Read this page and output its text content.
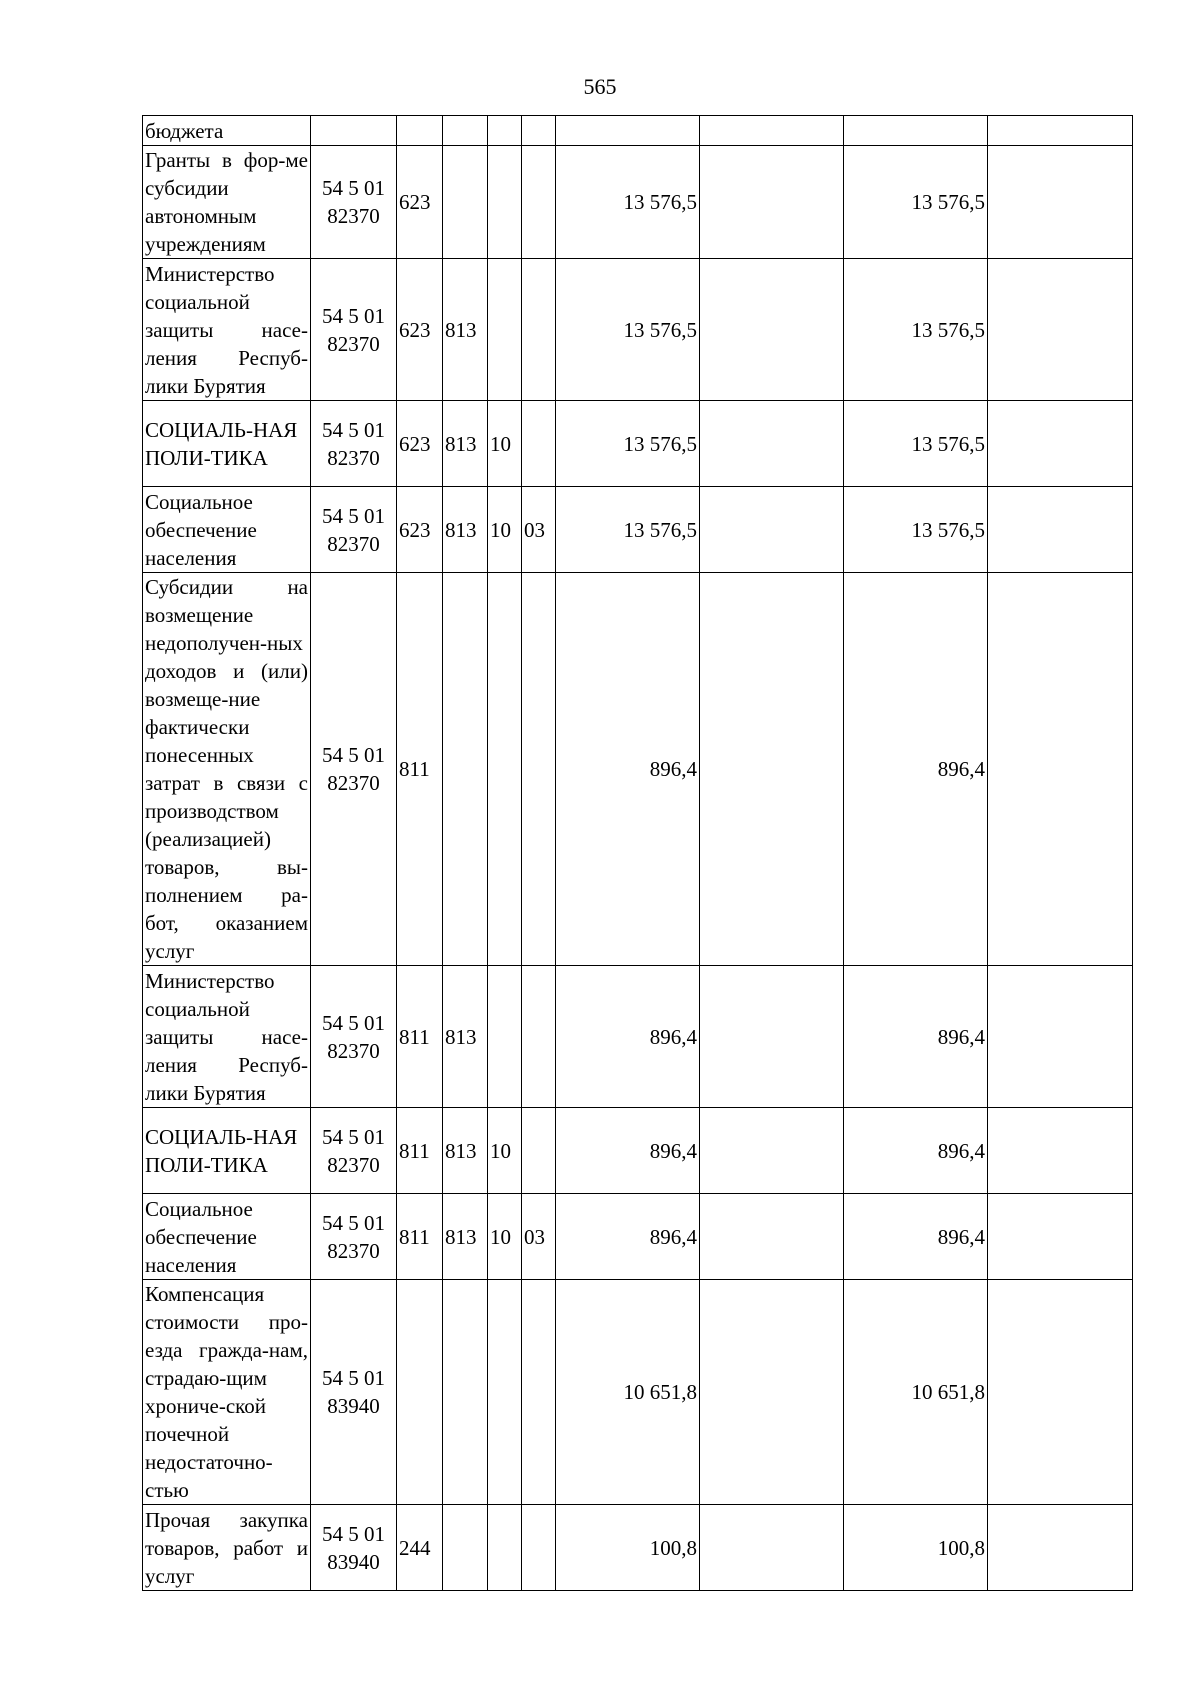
565
бюджета									
Гранты в фор-ме субсидии автономным учреждениям	54 5 01 82370	623				13 576,5		13 576,5	
Министерство социальной защиты насе-ления Респуб-лики Бурятия	54 5 01 82370	623	813			13 576,5		13 576,5	
СОЦИАЛЬ-НАЯ ПОЛИ-ТИКА	54 5 01 82370	623	813	10		13 576,5		13 576,5	
Социальное обеспечение населения	54 5 01 82370	623	813	10	03	13 576,5		13 576,5	
Субсидии на возмещение недополучен-ных доходов и (или) возмеще-ние фактически понесенных затрат в связи с производством (реализацией) товаров, вы-полнением ра-бот, оказанием услуг	54 5 01 82370	811				896,4		896,4	
Министерство социальной защиты насе-ления Респуб-лики Бурятия	54 5 01 82370	811	813			896,4		896,4	
СОЦИАЛЬ-НАЯ ПОЛИ-ТИКА	54 5 01 82370	811	813	10		896,4		896,4	
Социальное обеспечение населения	54 5 01 82370	811	813	10	03	896,4		896,4	
Компенсация стоимости про-езда гражда-нам, страдаю-щим хрониче-ской почечной недостаточно-стью	54 5 01 83940					10 651,8		10 651,8	
Прочая закупка товаров, работ и услуг	54 5 01 83940	244				100,8		100,8	
